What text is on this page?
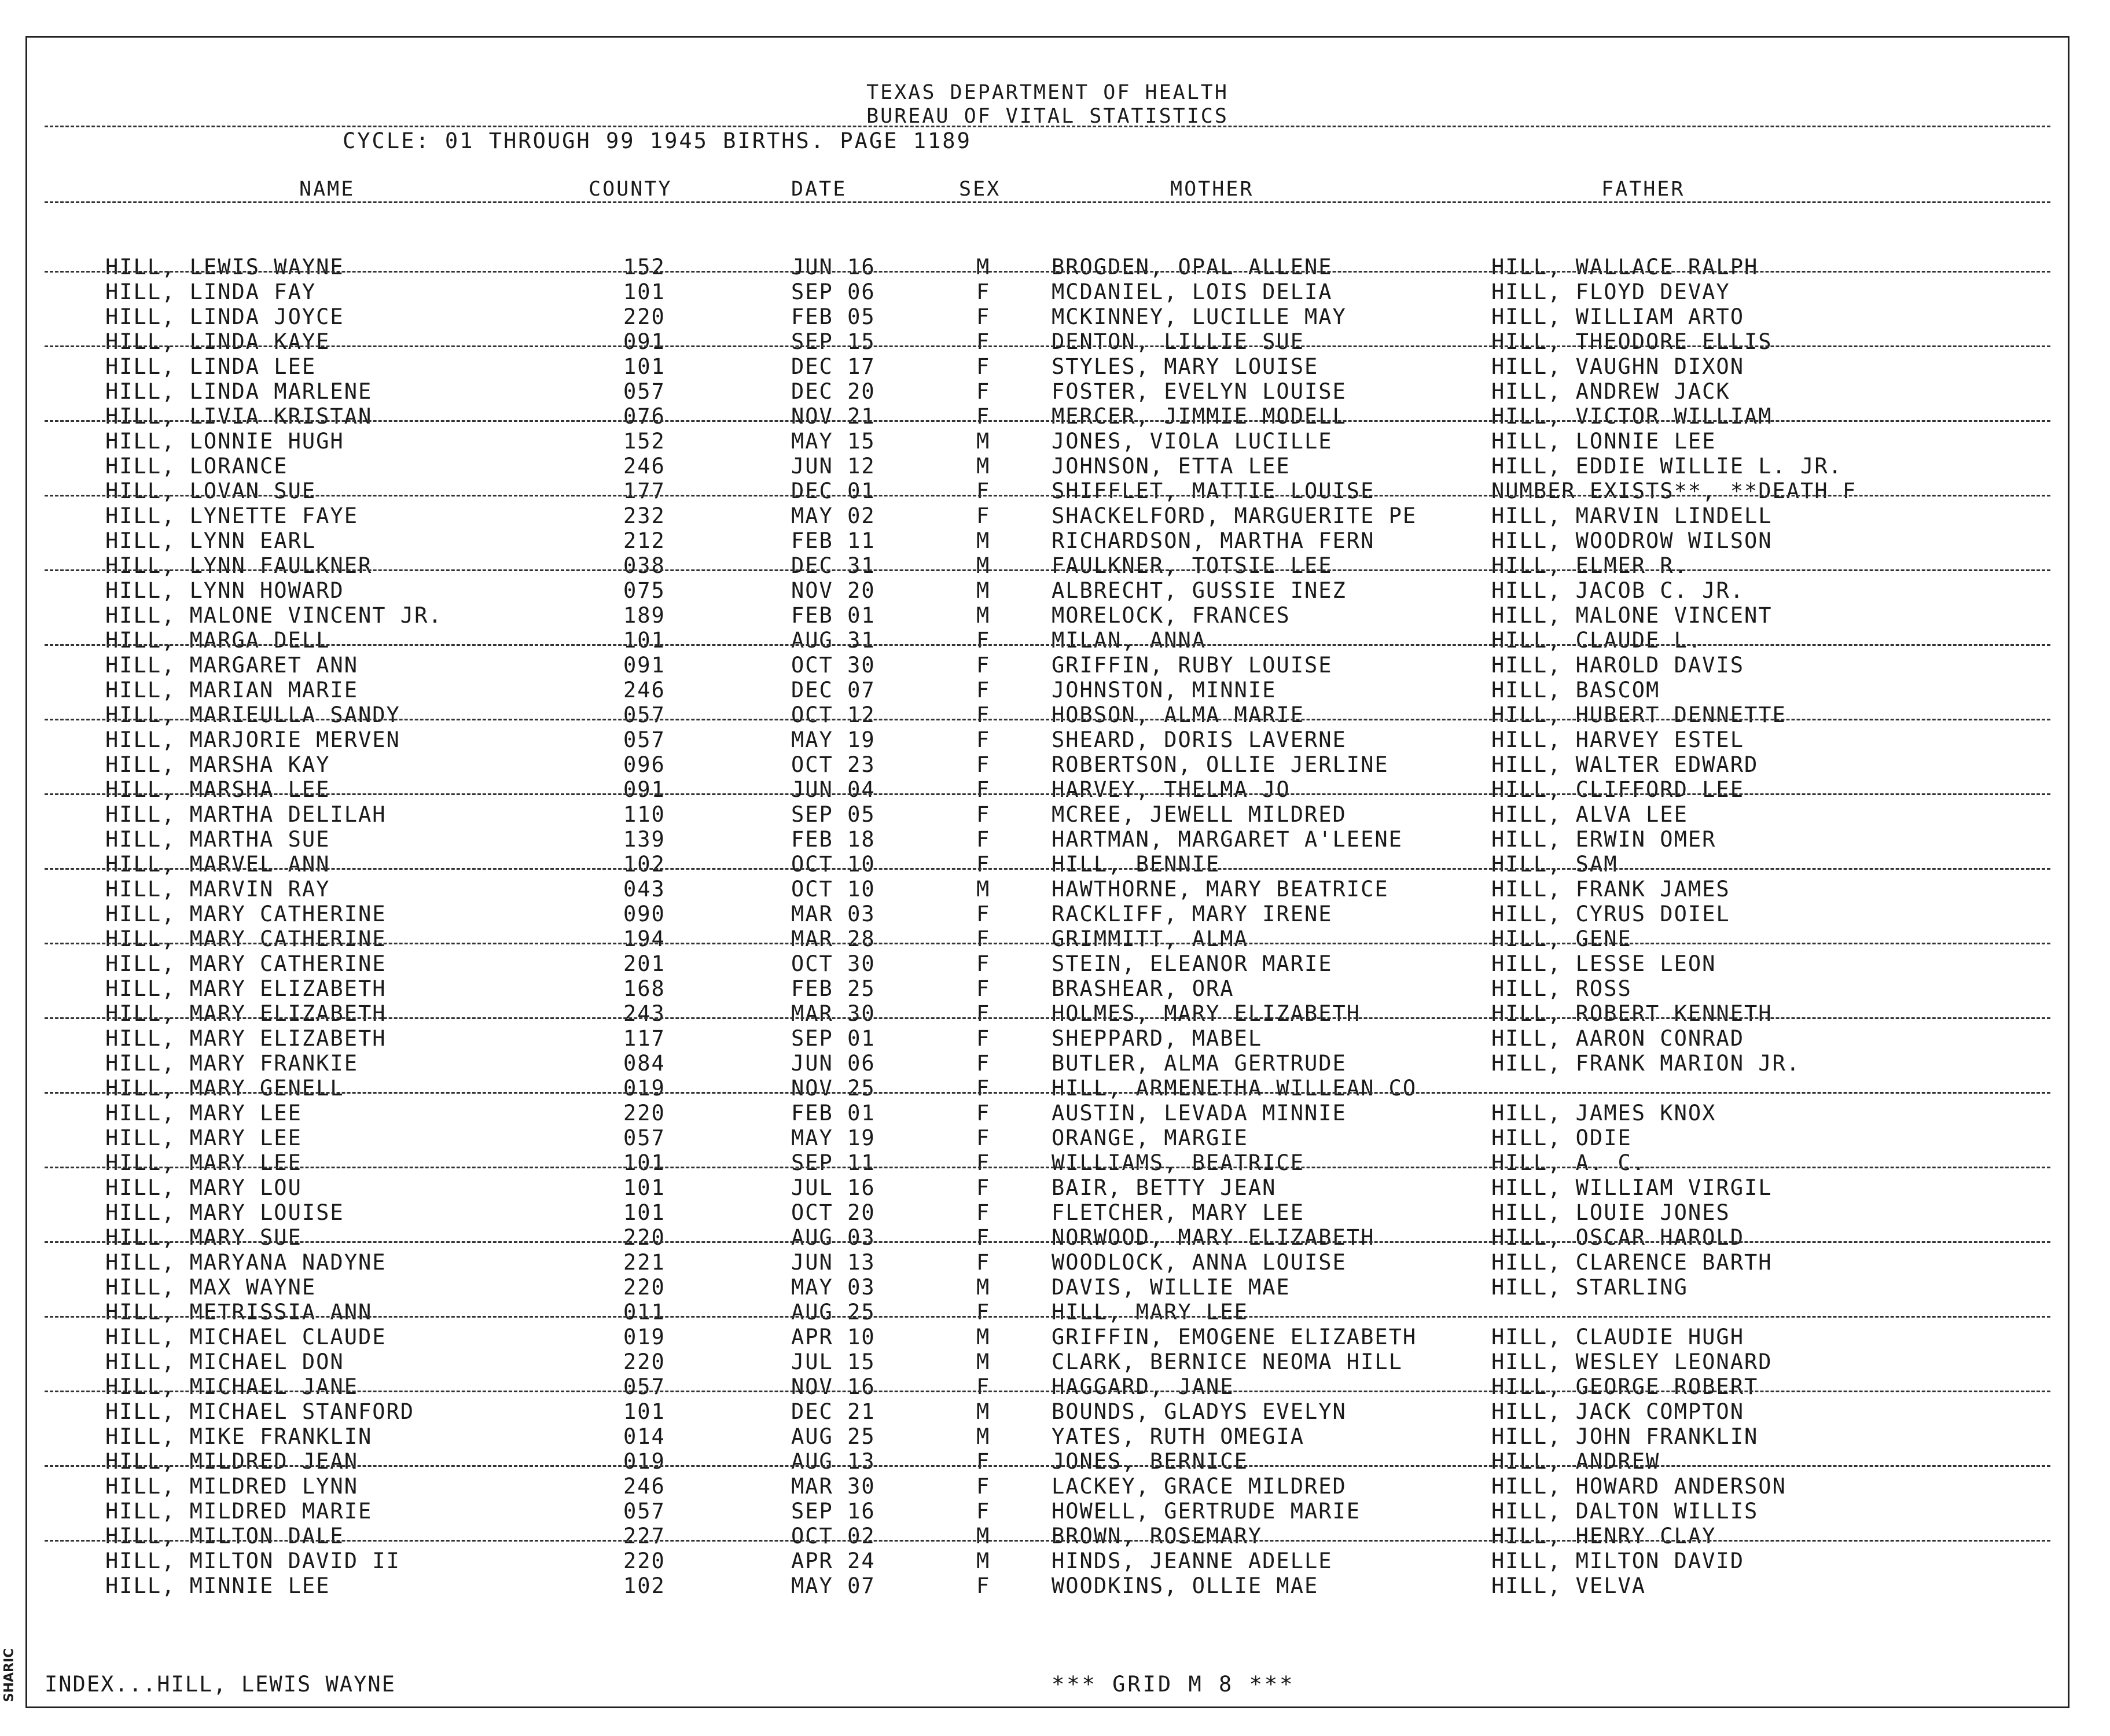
SHARIC
TEXAS DEPARTMENT OF HEALTH
BUREAU OF VITAL STATISTICS
CYCLE: 01 THROUGH 99 1945 BIRTHS. PAGE 1189
NAME	COUNTY	DATE	SEX	MOTHER	FATHER
HILL, LEWIS WAYNE	152	JUN 16	M	BROGDEN, OPAL ALLENE	HILL, WALLACE RALPH
HILL, LINDA FAY	101	SEP 06	F	MCDANIEL, LOIS DELIA	HILL, FLOYD DEVAY
HILL, LINDA JOYCE	220	FEB 05	F	MCKINNEY, LUCILLE MAY	HILL, WILLIAM ARTO
HILL, LINDA KAYE	091	SEP 15	F	DENTON, LILLIE SUE	HILL, THEODORE ELLIS
HILL, LINDA LEE	101	DEC 17	F	STYLES, MARY LOUISE	HILL, VAUGHN DIXON
HILL, LINDA MARLENE	057	DEC 20	F	FOSTER, EVELYN LOUISE	HILL, ANDREW JACK
HILL, LIVIA KRISTAN	076	NOV 21	F	MERCER, JIMMIE MODELL	HILL, VICTOR WILLIAM
HILL, LONNIE HUGH	152	MAY 15	M	JONES, VIOLA LUCILLE	HILL, LONNIE LEE
HILL, LORANCE	246	JUN 12	M	JOHNSON, ETTA LEE	HILL, EDDIE WILLIE L. JR.
HILL, LOVAN SUE	177	DEC 01	F	SHIFFLET, MATTIE LOUISE	NUMBER EXISTS**, **DEATH F
HILL, LYNETTE FAYE	232	MAY 02	F	SHACKELFORD, MARGUERITE PE	HILL, MARVIN LINDELL
HILL, LYNN EARL	212	FEB 11	M	RICHARDSON, MARTHA FERN	HILL, WOODROW WILSON
HILL, LYNN FAULKNER	038	DEC 31	M	FAULKNER, TOTSIE LEE	HILL, ELMER R.
HILL, LYNN HOWARD	075	NOV 20	M	ALBRECHT, GUSSIE INEZ	HILL, JACOB C. JR.
HILL, MALONE VINCENT JR.	189	FEB 01	M	MORELOCK, FRANCES	HILL, MALONE VINCENT
HILL, MARGA DELL	101	AUG 31	F	MILAN, ANNA	HILL, CLAUDE L.
HILL, MARGARET ANN	091	OCT 30	F	GRIFFIN, RUBY LOUISE	HILL, HAROLD DAVIS
HILL, MARIAN MARIE	246	DEC 07	F	JOHNSTON, MINNIE	HILL, BASCOM
HILL, MARIEULLA SANDY	057	OCT 12	F	HOBSON, ALMA MARIE	HILL, HUBERT DENNETTE
HILL, MARJORIE MERVEN	057	MAY 19	F	SHEARD, DORIS LAVERNE	HILL, HARVEY ESTEL
HILL, MARSHA KAY	096	OCT 23	F	ROBERTSON, OLLIE JERLINE	HILL, WALTER EDWARD
HILL, MARSHA LEE	091	JUN 04	F	HARVEY, THELMA JO	HILL, CLIFFORD LEE
HILL, MARTHA DELILAH	110	SEP 05	F	MCREE, JEWELL MILDRED	HILL, ALVA LEE
HILL, MARTHA SUE	139	FEB 18	F	HARTMAN, MARGARET A'LEENE	HILL, ERWIN OMER
HILL, MARVEL ANN	102	OCT 10	F	HILL, BENNIE	HILL, SAM
HILL, MARVIN RAY	043	OCT 10	M	HAWTHORNE, MARY BEATRICE	HILL, FRANK JAMES
HILL, MARY CATHERINE	090	MAR 03	F	RACKLIFF, MARY IRENE	HILL, CYRUS DOIEL
HILL, MARY CATHERINE	194	MAR 28	F	GRIMMITT, ALMA	HILL, GENE
HILL, MARY CATHERINE	201	OCT 30	F	STEIN, ELEANOR MARIE	HILL, LESSE LEON
HILL, MARY ELIZABETH	168	FEB 25	F	BRASHEAR, ORA	HILL, ROSS
HILL, MARY ELIZABETH	243	MAR 30	F	HOLMES, MARY ELIZABETH	HILL, ROBERT KENNETH
HILL, MARY ELIZABETH	117	SEP 01	F	SHEPPARD, MABEL	HILL, AARON CONRAD
HILL, MARY FRANKIE	084	JUN 06	F	BUTLER, ALMA GERTRUDE	HILL, FRANK MARION JR.
HILL, MARY GENELL	019	NOV 25	F	HILL, ARMENETHA WILLEAN CO
HILL, MARY LEE	220	FEB 01	F	AUSTIN, LEVADA MINNIE	HILL, JAMES KNOX
HILL, MARY LEE	057	MAY 19	F	ORANGE, MARGIE	HILL, ODIE
HILL, MARY LEE	101	SEP 11	F	WILLIAMS, BEATRICE	HILL, A. C.
HILL, MARY LOU	101	JUL 16	F	BAIR, BETTY JEAN	HILL, WILLIAM VIRGIL
HILL, MARY LOUISE	101	OCT 20	F	FLETCHER, MARY LEE	HILL, LOUIE JONES
HILL, MARY SUE	220	AUG 03	F	NORWOOD, MARY ELIZABETH	HILL, OSCAR HAROLD
HILL, MARYANA NADYNE	221	JUN 13	F	WOODLOCK, ANNA LOUISE	HILL, CLARENCE BARTH
HILL, MAX WAYNE	220	MAY 03	M	DAVIS, WILLIE MAE	HILL, STARLING
HILL, METRISSIA ANN	011	AUG 25	F	HILL, MARY LEE
HILL, MICHAEL CLAUDE	019	APR 10	M	GRIFFIN, EMOGENE ELIZABETH	HILL, CLAUDIE HUGH
HILL, MICHAEL DON	220	JUL 15	M	CLARK, BERNICE NEOMA HILL	HILL, WESLEY LEONARD
HILL, MICHAEL JANE	057	NOV 16	F	HAGGARD, JANE	HILL, GEORGE ROBERT
HILL, MICHAEL STANFORD	101	DEC 21	M	BOUNDS, GLADYS EVELYN	HILL, JACK COMPTON
HILL, MIKE FRANKLIN	014	AUG 25	M	YATES, RUTH OMEGIA	HILL, JOHN FRANKLIN
HILL, MILDRED JEAN	019	AUG 13	F	JONES, BERNICE	HILL, ANDREW
HILL, MILDRED LYNN	246	MAR 30	F	LACKEY, GRACE MILDRED	HILL, HOWARD ANDERSON
HILL, MILDRED MARIE	057	SEP 16	F	HOWELL, GERTRUDE MARIE	HILL, DALTON WILLIS
HILL, MILTON DALE	227	OCT 02	M	BROWN, ROSEMARY	HILL, HENRY CLAY
HILL, MILTON DAVID II	220	APR 24	M	HINDS, JEANNE ADELLE	HILL, MILTON DAVID
HILL, MINNIE LEE	102	MAY 07	F	WOODKINS, OLLIE MAE	HILL, VELVA
INDEX...HILL, LEWIS WAYNE	*** GRID M 8 ***
